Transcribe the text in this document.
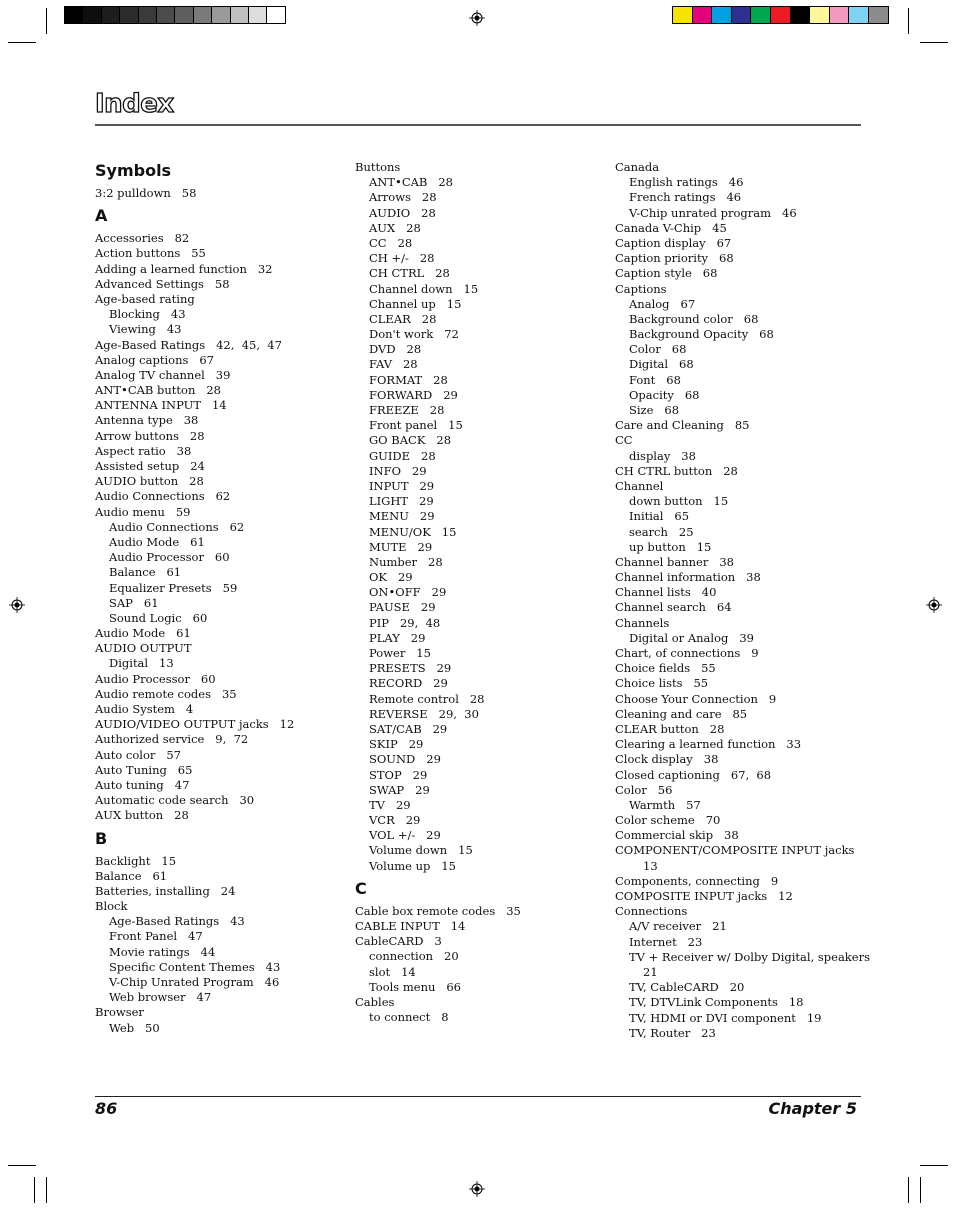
Index
Symbols
3:2 pulldown   58
A
Accessories   82
Action buttons   55
Adding a learned function   32
Advanced Settings   58
Age-based rating
Blocking   43
Viewing   43
Age-Based Ratings   42,  45,  47
Analog captions   67
Analog TV channel   39
ANT•CAB button   28
ANTENNA INPUT   14
Antenna type   38
Arrow buttons   28
Aspect ratio   38
Assisted setup   24
AUDIO button   28
Audio Connections   62
Audio menu   59
Audio Connections   62
Audio Mode   61
Audio Processor   60
Balance   61
Equalizer Presets   59
SAP   61
Sound Logic   60
Audio Mode   61
AUDIO OUTPUT
Digital   13
Audio Processor   60
Audio remote codes   35
Audio System   4
AUDIO/VIDEO OUTPUT jacks   12
Authorized service   9,  72
Auto color   57
Auto Tuning   65
Auto tuning   47
Automatic code search   30
AUX button   28
B
Backlight   15
Balance   61
Batteries, installing   24
Block
Age-Based Ratings   43
Front Panel   47
Movie ratings   44
Specific Content Themes   43
V-Chip Unrated Program   46
Web browser   47
Browser
Web   50
Buttons
ANT•CAB   28
Arrows   28
AUDIO   28
AUX   28
CC   28
CH +/-   28
CH CTRL   28
Channel down   15
Channel up   15
CLEAR   28
Don't work   72
DVD   28
FAV   28
FORMAT   28
FORWARD   29
FREEZE   28
Front panel   15
GO BACK   28
GUIDE   28
INFO   29
INPUT   29
LIGHT   29
MENU   29
MENU/OK   15
MUTE   29
Number   28
OK   29
ON•OFF   29
PAUSE   29
PIP   29,  48
PLAY   29
Power   15
PRESETS   29
RECORD   29
Remote control   28
REVERSE   29,  30
SAT/CAB   29
SKIP   29
SOUND   29
STOP   29
SWAP   29
TV   29
VCR   29
VOL +/-   29
Volume down   15
Volume up   15
C
Cable box remote codes   35
CABLE INPUT   14
CableCARD   3
connection   20
slot   14
Tools menu   66
Cables
to connect   8
Canada
English ratings   46
French ratings   46
V-Chip unrated program   46
Canada V-Chip   45
Caption display   67
Caption priority   68
Caption style   68
Captions
Analog   67
Background color   68
Background Opacity   68
Color   68
Digital   68
Font   68
Opacity   68
Size   68
Care and Cleaning   85
CC
display   38
CH CTRL button   28
Channel
down button   15
Initial   65
search   25
up button   15
Channel banner   38
Channel information   38
Channel lists   40
Channel search   64
Channels
Digital or Analog   39
Chart, of connections   9
Choice fields   55
Choice lists   55
Choose Your Connection   9
Cleaning and care   85
CLEAR button   28
Clearing a learned function   33
Clock display   38
Closed captioning   67,  68
Color   56
Warmth   57
Color scheme   70
Commercial skip   38
COMPONENT/COMPOSITE INPUT jacks
13
Components, connecting   9
COMPOSITE INPUT jacks   12
Connections
A/V receiver   21
Internet   23
TV + Receiver w/ Dolby Digital, speakers
21
TV, CableCARD   20
TV, DTVLink Components   18
TV, HDMI or DVI component   19
TV, Router   23
86	Chapter 5
